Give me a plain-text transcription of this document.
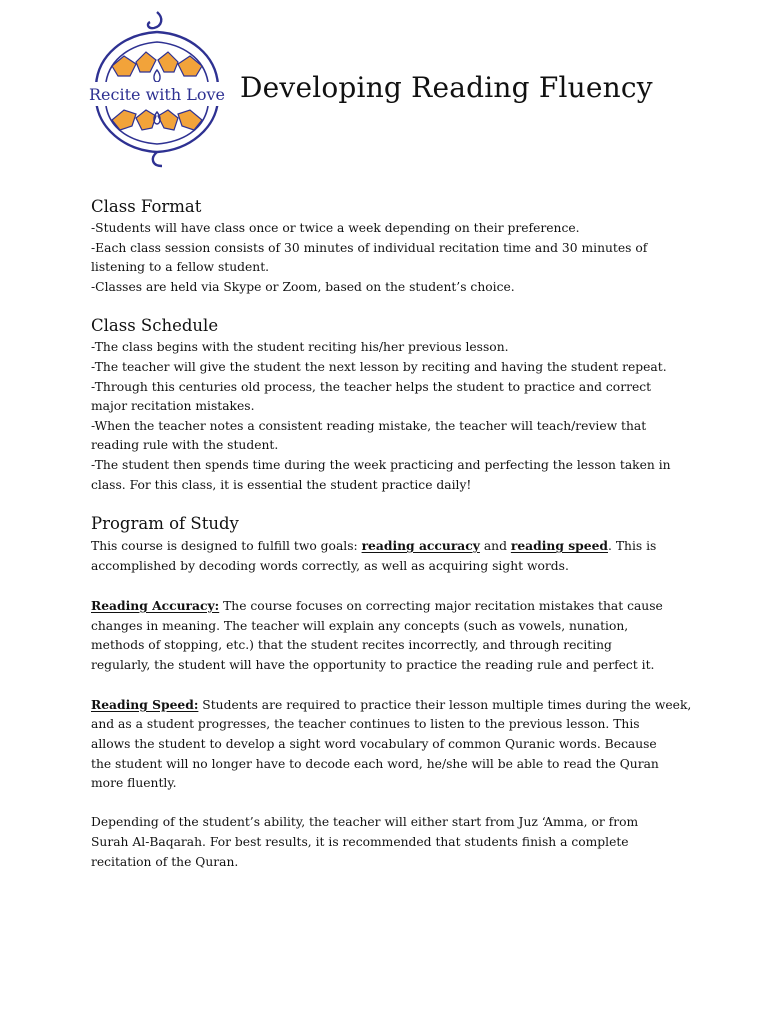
Recite with Love Developing Reading Fluency
Class Format
-Students will have class once or twice a week depending on their preference.
-Each class session consists of 30 minutes of individual recitation time and 30 minutes of
listening to a fellow student.
-Classes are held via Skype or Zoom, based on the student’s choice.
Class Schedule
-The class begins with the student reciting his/her previous lesson.
-The teacher will give the student the next lesson by reciting and having the student repeat.
-Through this centuries old process, the teacher helps the student to practice and correct
major recitation mistakes.
-When the teacher notes a consistent reading mistake, the teacher will teach/review that
reading rule with the student.
-The student then spends time during the week practicing and perfecting the lesson taken in
class. For this class, it is essential the student practice daily!
Program of Study
This course is designed to fulfill two goals: reading accuracy and reading speed. This is
accomplished by decoding words correctly, as well as acquiring sight words.
Reading Accuracy: The course focuses on correcting major recitation mistakes that cause
changes in meaning. The teacher will explain any concepts (such as vowels, nunation,
methods of stopping, etc.) that the student recites incorrectly, and through reciting
regularly, the student will have the opportunity to practice the reading rule and perfect it.
Reading Speed: Students are required to practice their lesson multiple times during the week,
and as a student progresses, the teacher continues to listen to the previous lesson. This
allows the student to develop a sight word vocabulary of common Quranic words. Because
the student will no longer have to decode each word, he/she will be able to read the Quran
more fluently.
Depending of the student’s ability, the teacher will either start from Juz ‘Amma, or from
Surah Al-Baqarah. For best results, it is recommended that students finish a complete
recitation of the Quran.
